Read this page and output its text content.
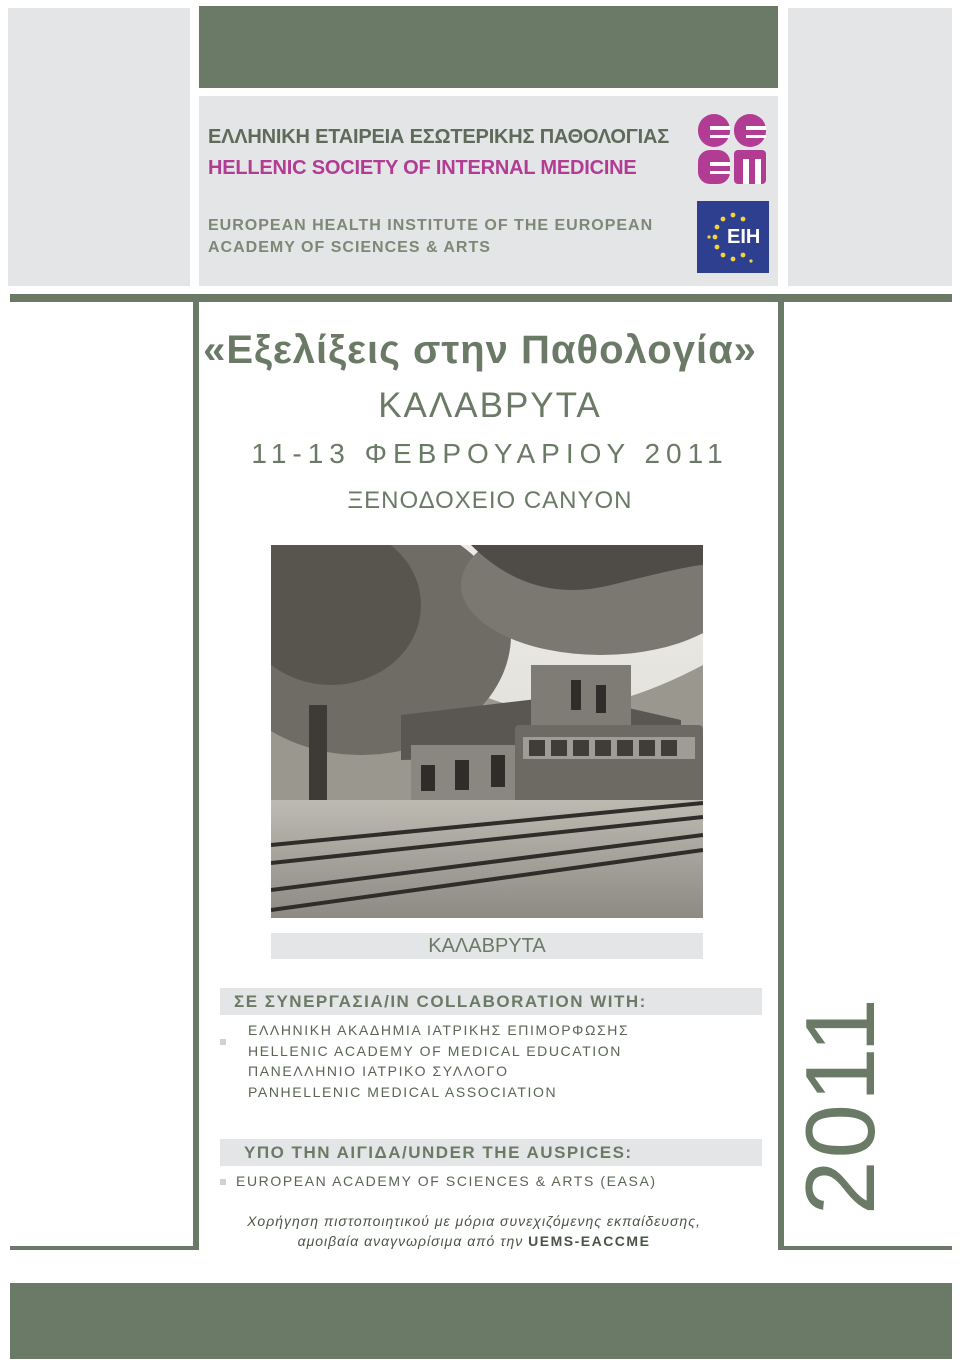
ΕΛΛΗΝΙΚΗ ΕΤΑΙΡΕΙΑ ΕΣΩΤΕΡΙΚΗΣ ΠΑΘΟΛΟΓΙΑΣ
HELLENIC SOCIETY OF INTERNAL MEDICINE
EUROPEAN HEALTH INSTITUTE OF THE EUROPEAN
ACADEMY OF SCIENCES & ARTS	ΕΙΗ
«Εξελίξεις στην Παθολογία»
ΚΑΛΑΒΡΥΤΑ
11-13 ΦΕΒΡΟΥΑΡΙΟΥ 2011
ΞΕΝΟΔΟΧΕΙΟ CANYON
ΚΑΛΑΒΡΥΤΑ
ΣΕ ΣΥΝΕΡΓΑΣΙΑ/IN COLLABORATION WITH:
ΕΛΛΗΝΙΚΗ ΑΚΑΔΗΜΙΑ ΙΑΤΡΙΚΗΣ ΕΠΙΜΟΡΦΩΣΗΣ
HELLENIC ACADEMY OF MEDICAL EDUCATION
ΠΑΝΕΛΛΗΝΙΟ ΙΑΤΡΙΚΟ ΣΥΛΛΟΓΟ
PANHELLENIC MEDICAL ASSOCIATION
ΥΠΟ ΤΗΝ ΑΙΓΙΔΑ/UNDER THE AUSPICES:
EUROPEAN ACADEMY OF SCIENCES & ARTS (EASA)
Χορήγηση πιστοποιητικού με μόρια συνεχιζόμενης εκπαίδευσης,
αμοιβαία αναγνωρίσιμα από την UEMS-EACCME
2011
